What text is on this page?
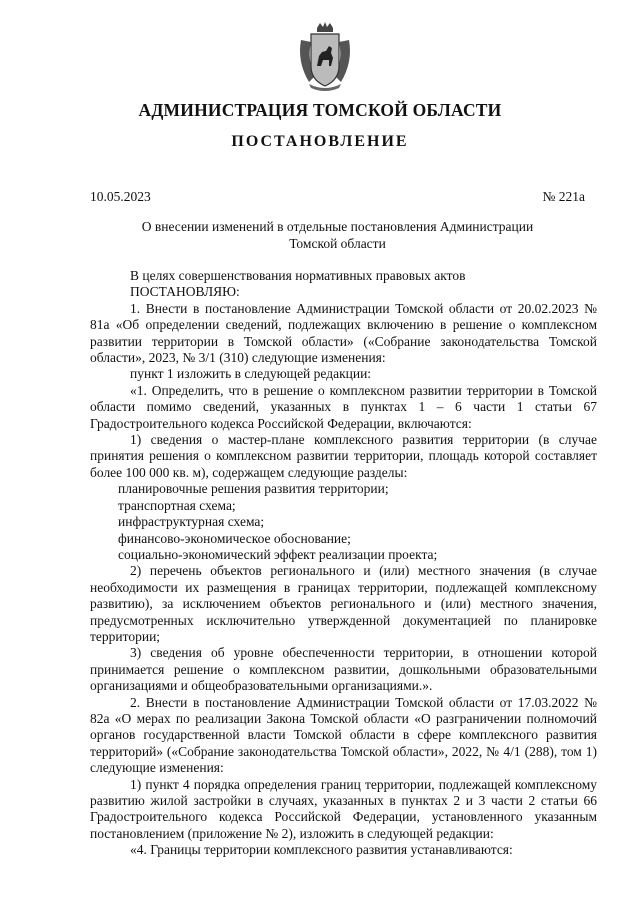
АДМИНИСТРАЦИЯ ТОМСКОЙ ОБЛАСТИ
ПОСТАНОВЛЕНИЕ
10.05.2023	№ 221а
О внесении изменений в отдельные постановления Администрации
Томской области

В целях совершенствования нормативных правовых актов

ПОСТАНОВЛЯЮ:

1. Внести в постановление Администрации Томской области от 20.02.2023 № 81а «Об определении сведений, подлежащих включению в решение о комплексном развитии территории в Томской области» («Собрание законодательства Томской области», 2023, № 3/1 (310) следующие изменения:

пункт 1 изложить в следующей редакции:

«1. Определить, что в решение о комплексном развитии территории в Томской области помимо сведений, указанных в пунктах 1 – 6 части 1 статьи 67 Градостроительного кодекса Российской Федерации, включаются:

1) сведения о мастер-плане комплексного развития территории (в случае принятия решения о комплексном развитии территории, площадь которой составляет более 100 000 кв. м), содержащем следующие разделы:

планировочные решения развития территории;

транспортная схема;

инфраструктурная схема;

финансово-экономическое обоснование;

социально-экономический эффект реализации проекта;

2) перечень объектов регионального и (или) местного значения (в случае необходимости их размещения в границах территории, подлежащей комплексному развитию), за исключением объектов регионального и (или) местного значения, предусмотренных исключительно утвержденной документацией по планировке территории;

3) сведения об уровне обеспеченности территории, в отношении которой принимается решение о комплексном развитии, дошкольными образовательными организациями и общеобразовательными организациями.».

2. Внести в постановление Администрации Томской области от 17.03.2022 № 82а «О мерах по реализации Закона Томской области «О разграничении полномочий органов государственной власти Томской области в сфере комплексного развития территорий» («Собрание законодательства Томской области», 2022, № 4/1 (288), том 1) следующие изменения:

1) пункт 4 порядка определения границ территории, подлежащей комплексному развитию жилой застройки в случаях, указанных в пунктах 2 и 3 части 2 статьи 66 Градостроительного кодекса Российской Федерации, установленного указанным постановлением (приложение № 2), изложить в следующей редакции:

«4. Границы территории комплексного развития устанавливаются:
